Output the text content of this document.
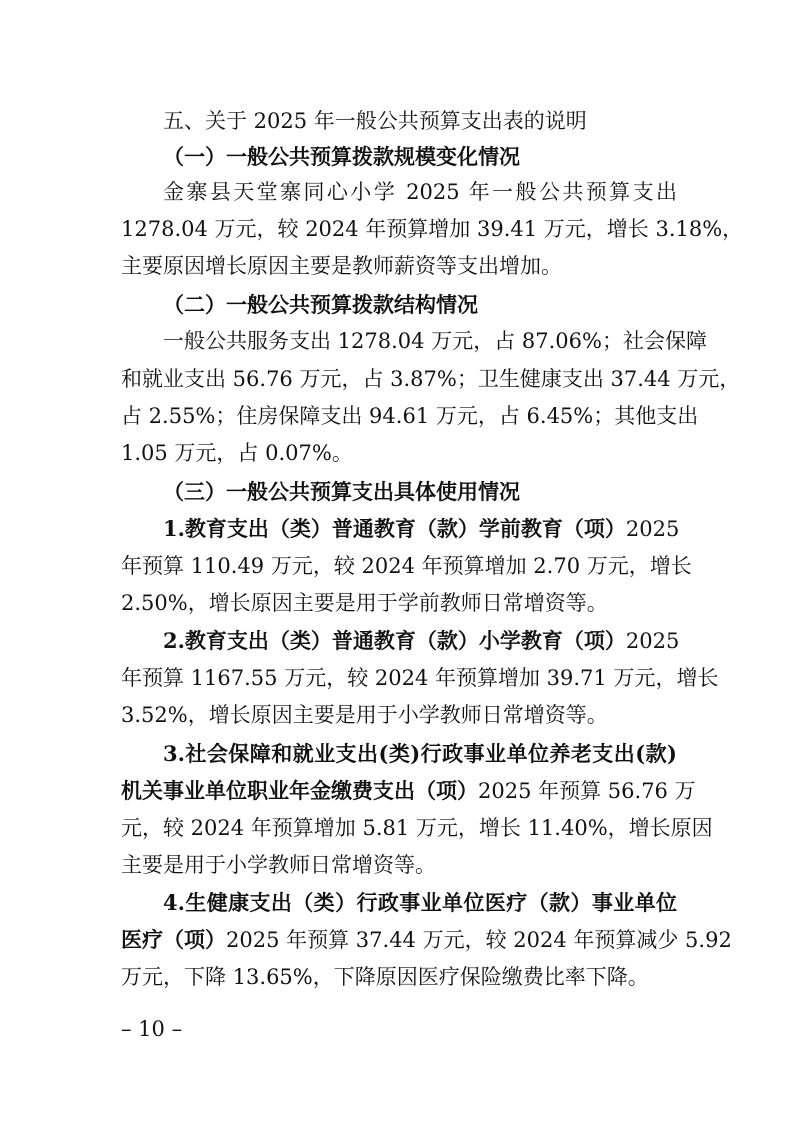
五、关于 2025 年一般公共预算支出表的说明
（一）一般公共预算拨款规模变化情况
金寨县天堂寨同心小学 2025 年一般公共预算支出
1278.04 万元，较 2024 年预算增加 39.41 万元，增长 3.18%，
主要原因增长原因主要是教师薪资等支出增加。
（二）一般公共预算拨款结构情况
一般公共服务支出 1278.04 万元，占 87.06%；社会保障
和就业支出 56.76 万元，占 3.87%；卫生健康支出 37.44 万元，
占 2.55%；住房保障支出 94.61 万元，占 6.45%；其他支出
1.05 万元，占 0.07%。
（三）一般公共预算支出具体使用情况
1.教育支出（类）普通教育（款）学前教育（项）2025
年预算 110.49 万元，较 2024 年预算增加 2.70 万元，增长
2.50%，增长原因主要是用于学前教师日常增资等。
2.教育支出（类）普通教育（款）小学教育（项）2025
年预算 1167.55 万元，较 2024 年预算增加 39.71 万元，增长
3.52%，增长原因主要是用于小学教师日常增资等。
3.社会保障和就业支出(类)行政事业单位养老支出(款)
机关事业单位职业年金缴费支出（项）2025 年预算 56.76 万
元，较 2024 年预算增加 5.81 万元，增长 11.40%，增长原因
主要是用于小学教师日常增资等。
4.生健康支出（类）行政事业单位医疗（款）事业单位
医疗（项）2025 年预算 37.44 万元，较 2024 年预算减少 5.92
万元，下降 13.65%，下降原因医疗保险缴费比率下降。
– 10 –
